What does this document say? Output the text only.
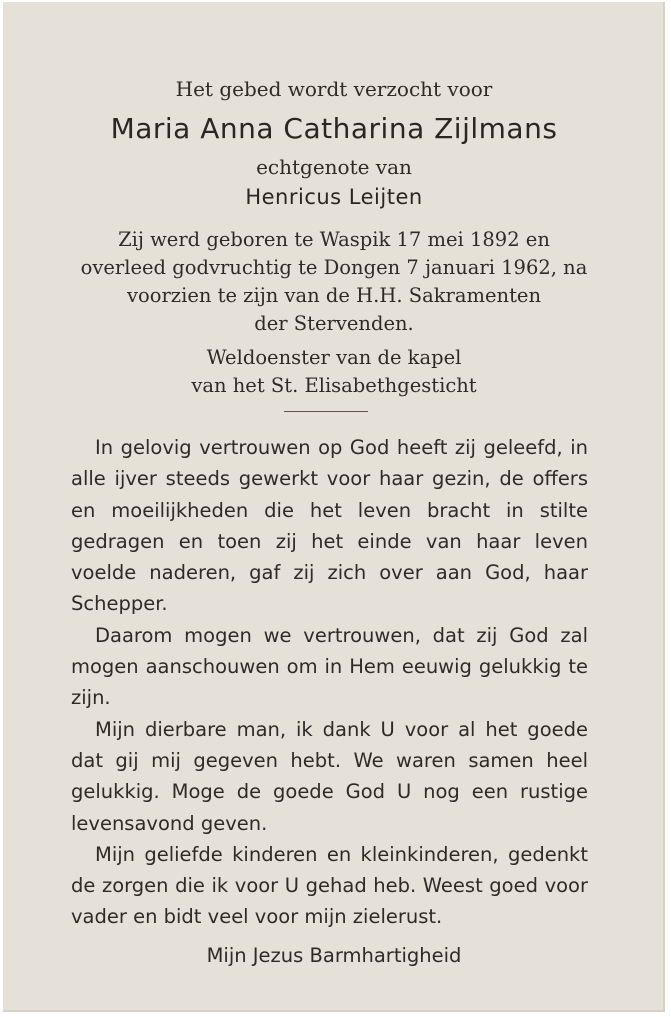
Het gebed wordt verzocht voor
Maria Anna Catharina Zijlmans
echtgenote van
Henricus Leijten
Zij werd geboren te Waspik 17 mei 1892 en
overleed godvruchtig te Dongen 7 januari 1962, na
voorzien te zijn van de H.H. Sakramenten
der Stervenden.
Weldoenster van de kapel
van het St. Elisabethgesticht

In gelovig vertrouwen op God heeft zij geleefd, in alle ijver steeds gewerkt voor haar gezin, de offers en moeilijkheden die het leven bracht in stilte gedragen en toen zij het einde van haar leven voelde naderen, gaf zij zich over aan God, haar Schepper.

Daarom mogen we vertrouwen, dat zij God zal mogen aanschouwen om in Hem eeuwig gelukkig te zijn.

Mijn dierbare man, ik dank U voor al het goede dat gij mij gegeven hebt. We waren samen heel gelukkig. Moge de goede God U nog een rustige levensavond geven.

Mijn geliefde kinderen en kleinkinderen, gedenkt de zorgen die ik voor U gehad heb. Weest goed voor vader en bidt veel voor mijn zielerust.

Mijn Jezus Barmhartigheid
